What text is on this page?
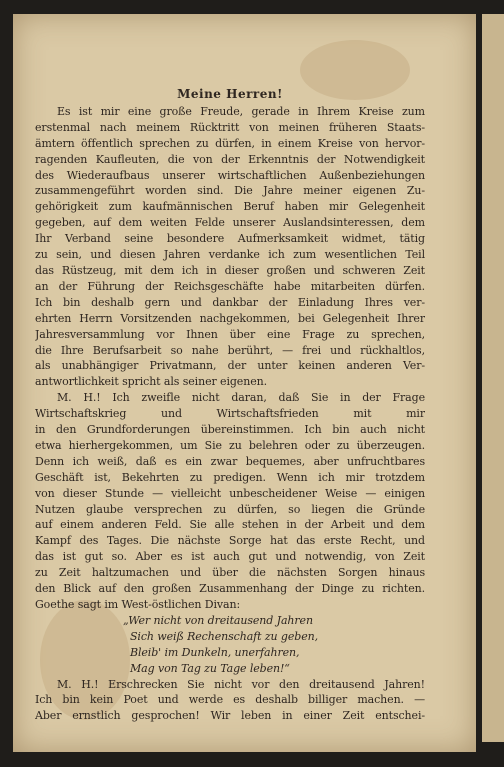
Meine Herren!
Es ist mir eine große Freude, gerade in Ihrem Kreise zum
erstenmal nach meinem Rücktritt von meinen früheren Staats-
ämtern öffentlich sprechen zu dürfen, in einem Kreise von hervor-
ragenden Kaufleuten, die von der Erkenntnis der Notwendigkeit
des Wiederaufbaus unserer wirtschaftlichen Außenbeziehungen
zusammengeführt worden sind. Die Jahre meiner eigenen Zu-
gehörigkeit zum kaufmännischen Beruf haben mir Gelegenheit
gegeben, auf dem weiten Felde unserer Auslandsinteressen, dem
Ihr Verband seine besondere Aufmerksamkeit widmet, tätig
zu sein, und diesen Jahren verdanke ich zum wesentlichen Teil
das Rüstzeug, mit dem ich in dieser großen und schweren Zeit
an der Führung der Reichsgeschäfte habe mitarbeiten dürfen.
Ich bin deshalb gern und dankbar der Einladung Ihres ver-
ehrten Herrn Vorsitzenden nachgekommen, bei Gelegenheit Ihrer
Jahresversammlung vor Ihnen über eine Frage zu sprechen,
die Ihre Berufsarbeit so nahe berührt, — frei und rückhaltlos,
als unabhängiger Privatmann, der unter keinen anderen Ver-
antwortlichkeit spricht als seiner eigenen.
M. H.! Ich zweifle nicht daran, daß Sie in der Frage
Wirtschaftskrieg und Wirtschaftsfrieden mit mir
in den Grundforderungen übereinstimmen. Ich bin auch nicht
etwa hierhergekommen, um Sie zu belehren oder zu überzeugen.
Denn ich weiß, daß es ein zwar bequemes, aber unfruchtbares
Geschäft ist, Bekehrten zu predigen. Wenn ich mir trotzdem
von dieser Stunde — vielleicht unbescheidener Weise — einigen
Nutzen glaube versprechen zu dürfen, so liegen die Gründe
auf einem anderen Feld. Sie alle stehen in der Arbeit und dem
Kampf des Tages. Die nächste Sorge hat das erste Recht, und
das ist gut so. Aber es ist auch gut und notwendig, von Zeit
zu Zeit haltzumachen und über die nächsten Sorgen hinaus
den Blick auf den großen Zusammenhang der Dinge zu richten.
Goethe sagt im West-östlichen Divan:
„Wer nicht von dreitausend Jahren
Sich weiß Rechenschaft zu geben,
Bleib' im Dunkeln, unerfahren,
Mag von Tag zu Tage leben!“
M. H.! Erschrecken Sie nicht vor den dreitausend Jahren!
Ich bin kein Poet und werde es deshalb billiger machen. —
Aber ernstlich gesprochen! Wir leben in einer Zeit entschei-
